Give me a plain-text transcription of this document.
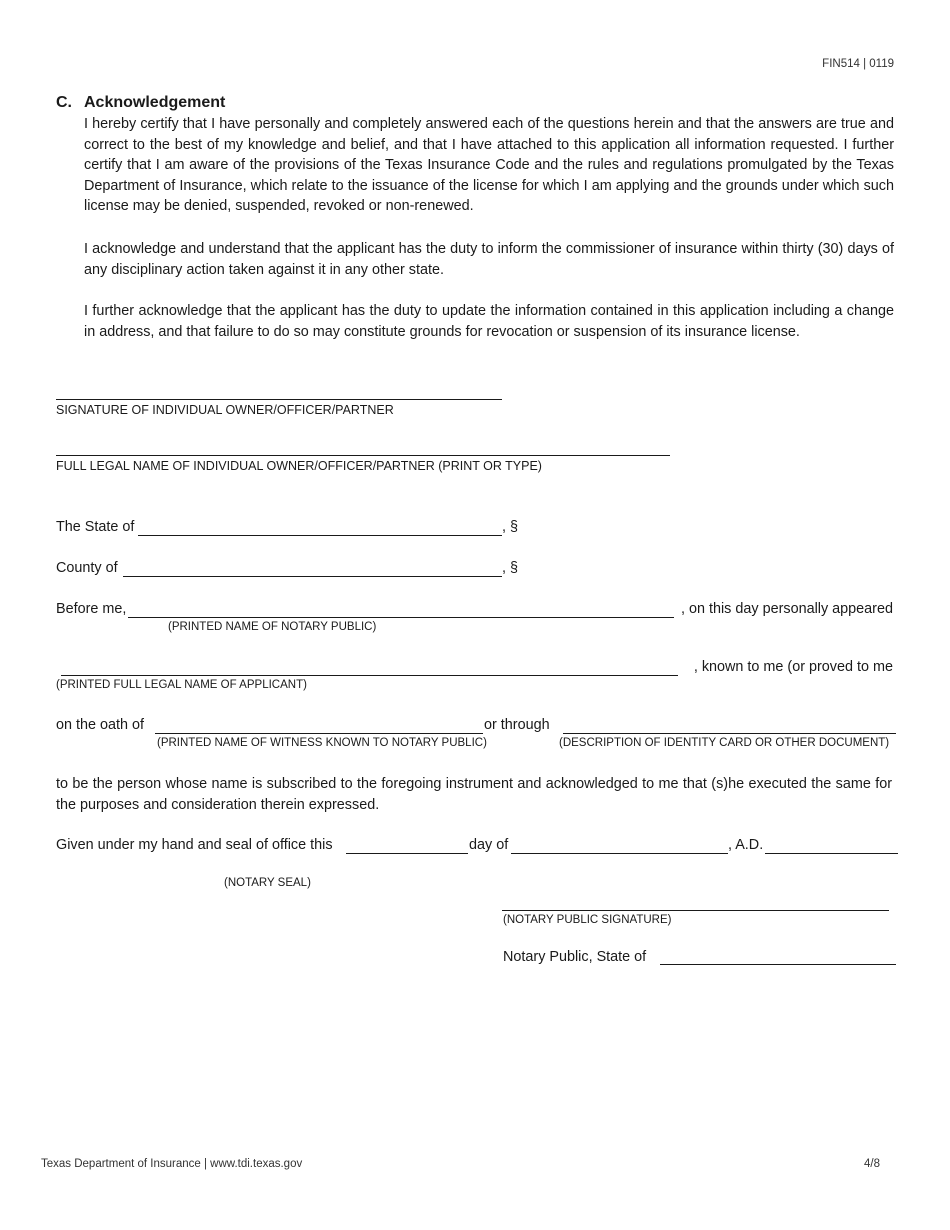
FIN514 | 0119
C. Acknowledgement

I hereby certify that I have personally and completely answered each of the questions herein and that the answers are true and correct to the best of my knowledge and belief, and that I have attached to this application all information requested. I further certify that I am aware of the provisions of the Texas Insurance Code and the rules and regulations promulgated by the Texas Department of Insurance, which relate to the issuance of the license for which I am applying and the grounds under which such license may be denied, suspended, revoked or non-renewed.

I acknowledge and understand that the applicant has the duty to inform the commissioner of insurance within thirty (30) days of any disciplinary action taken against it in any other state.

I further acknowledge that the applicant has the duty to update the information contained in this application including a change in address, and that failure to do so may constitute grounds for revocation or suspension of its insurance license.

SIGNATURE OF INDIVIDUAL OWNER/OFFICER/PARTNER
FULL LEGAL NAME OF INDIVIDUAL OWNER/OFFICER/PARTNER (PRINT OR TYPE)
The State of	, §
County of	, §
Before me,	, on this day personally appeared
(PRINTED NAME OF NOTARY PUBLIC)
, known to me (or proved to me
(PRINTED FULL LEGAL NAME OF APPLICANT)
on the oath of	or through
(PRINTED NAME OF WITNESS KNOWN TO NOTARY PUBLIC)	(DESCRIPTION OF IDENTITY CARD OR OTHER DOCUMENT)

to be the person whose name is subscribed to the foregoing instrument and acknowledged to me that (s)he executed the same for the purposes and consideration therein expressed.

Given under my hand and seal of office this	day of	, A.D.
(NOTARY SEAL)
(NOTARY PUBLIC SIGNATURE)
Notary Public, State of
Texas Department of Insurance | www.tdi.texas.gov	4/8
